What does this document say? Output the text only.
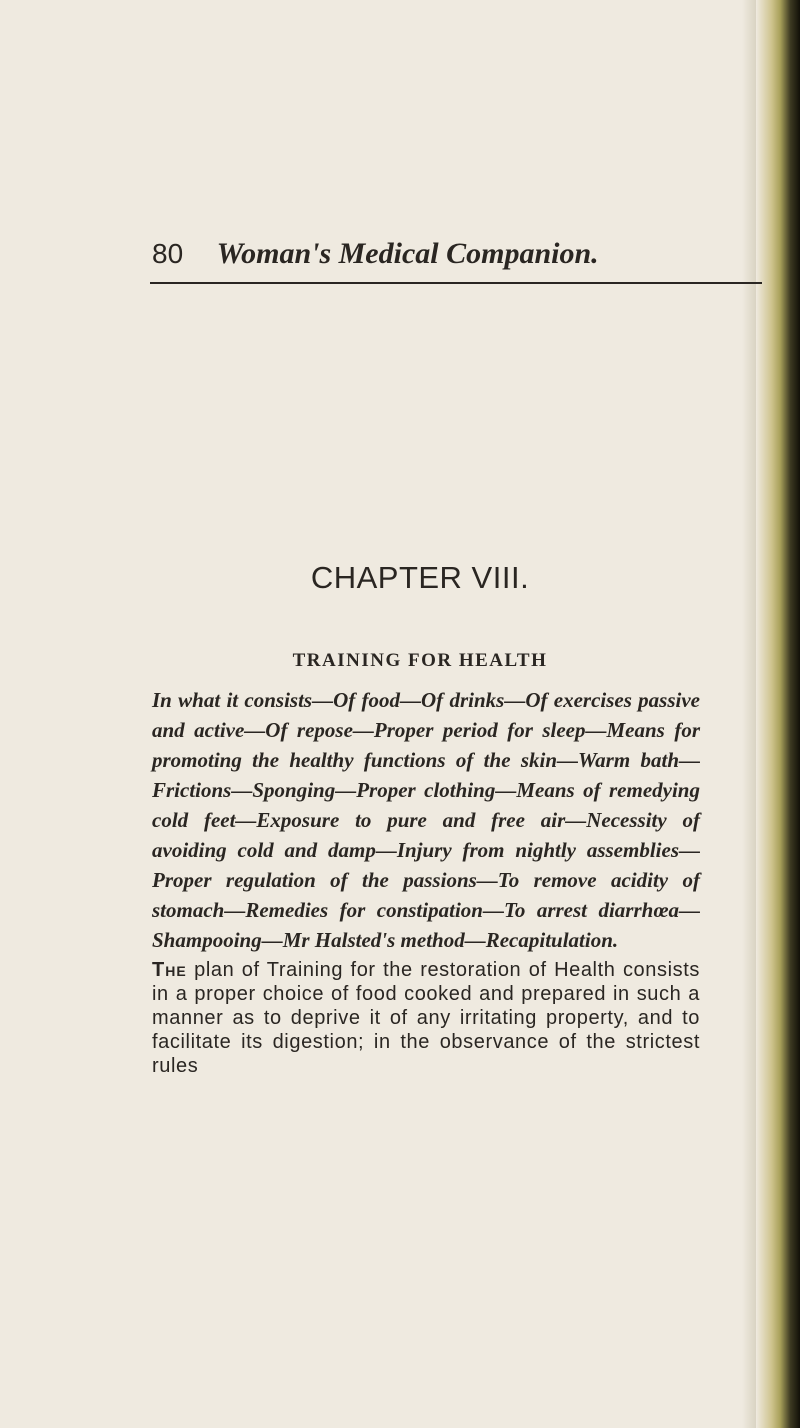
80 Woman's Medical Companion.
CHAPTER VIII.
TRAINING FOR HEALTH
In what it consists—Of food—Of drinks—Of exercises passive and active—Of repose—Proper period for sleep—Means for promoting the healthy functions of the skin—Warm bath—Frictions—Sponging—Proper clothing—Means of remedying cold feet—Exposure to pure and free air—Necessity of avoiding cold and damp—Injury from nightly assemblies—Proper regulation of the passions—To remove acidity of stomach—Remedies for constipation—To arrest diarrhœa—Shampooing—Mr Halsted's method—Recapitulation.
The plan of Training for the restoration of Health consists in a proper choice of food cooked and prepared in such a manner as to deprive it of any irritating property, and to facilitate its digestion; in the observance of the strictest rules
